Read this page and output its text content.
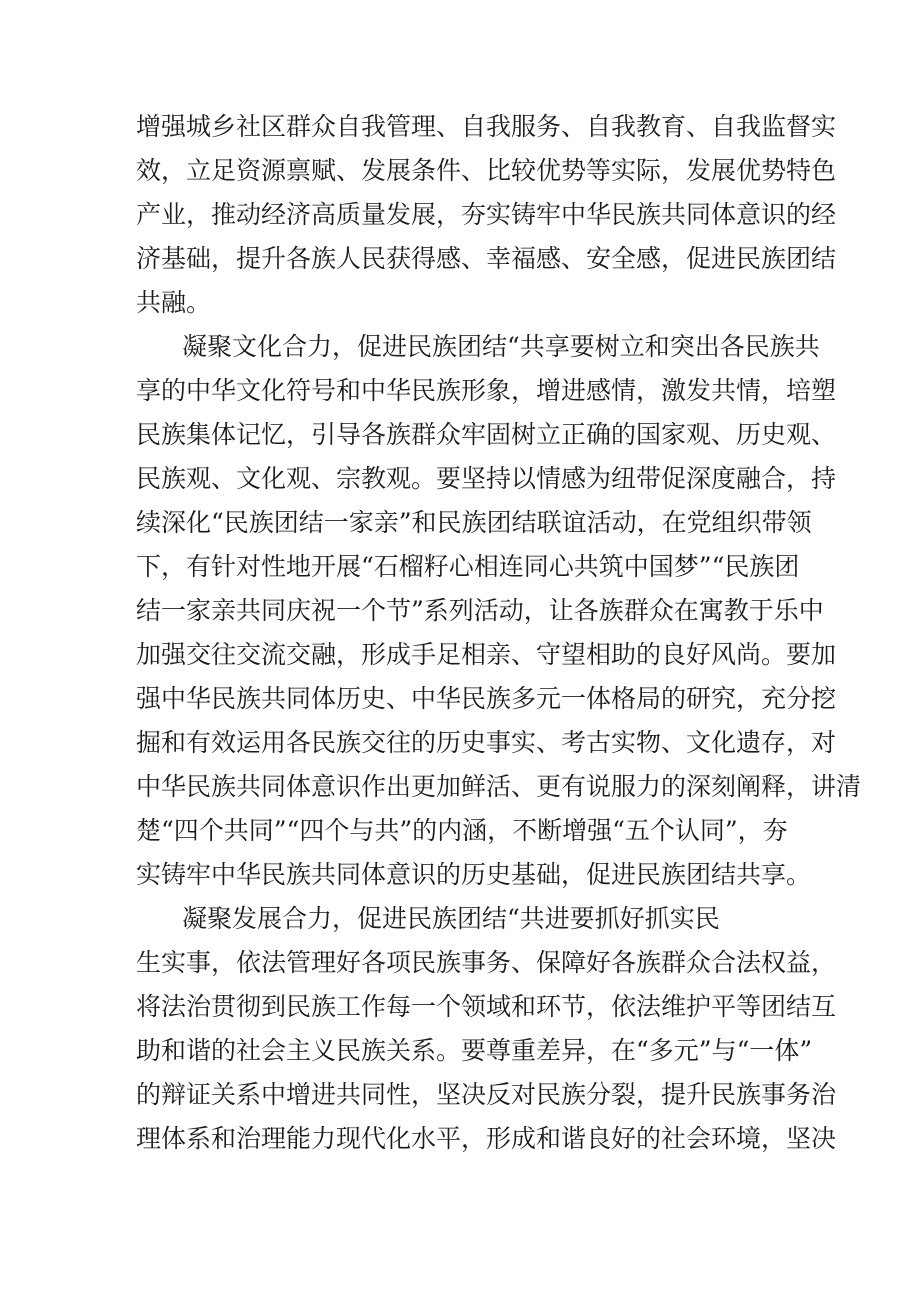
增强城乡社区群众自我管理、自我服务、自我教育、自我监督实
效，立足资源禀赋、发展条件、比较优势等实际，发展优势特色
产业，推动经济高质量发展，夯实铸牢中华民族共同体意识的经
济基础，提升各族人民获得感、幸福感、安全感，促进民族团结
共融。
凝聚文化合力，促进民族团结“共享要树立和突出各民族共
享的中华文化符号和中华民族形象，增进感情，激发共情，培塑
民族集体记忆，引导各族群众牢固树立正确的国家观、历史观、
民族观、文化观、宗教观。要坚持以情感为纽带促深度融合，持
续深化“民族团结一家亲”和民族团结联谊活动，在党组织带领
下，有针对性地开展“石榴籽心相连同心共筑中国梦”“民族团
结一家亲共同庆祝一个节”系列活动，让各族群众在寓教于乐中
加强交往交流交融，形成手足相亲、守望相助的良好风尚。要加
强中华民族共同体历史、中华民族多元一体格局的研究，充分挖
掘和有效运用各民族交往的历史事实、考古实物、文化遗存，对
中华民族共同体意识作出更加鲜活、更有说服力的深刻阐释，讲清
楚“四个共同”“四个与共”的内涵，不断增强“五个认同”，夯
实铸牢中华民族共同体意识的历史基础，促进民族团结共享。
凝聚发展合力，促进民族团结“共进要抓好抓实民
生实事，依法管理好各项民族事务、保障好各族群众合法权益，
将法治贯彻到民族工作每一个领域和环节，依法维护平等团结互
助和谐的社会主义民族关系。要尊重差异，在“多元”与“一体”
的辩证关系中增进共同性，坚决反对民族分裂，提升民族事务治
理体系和治理能力现代化水平，形成和谐良好的社会环境，坚决
